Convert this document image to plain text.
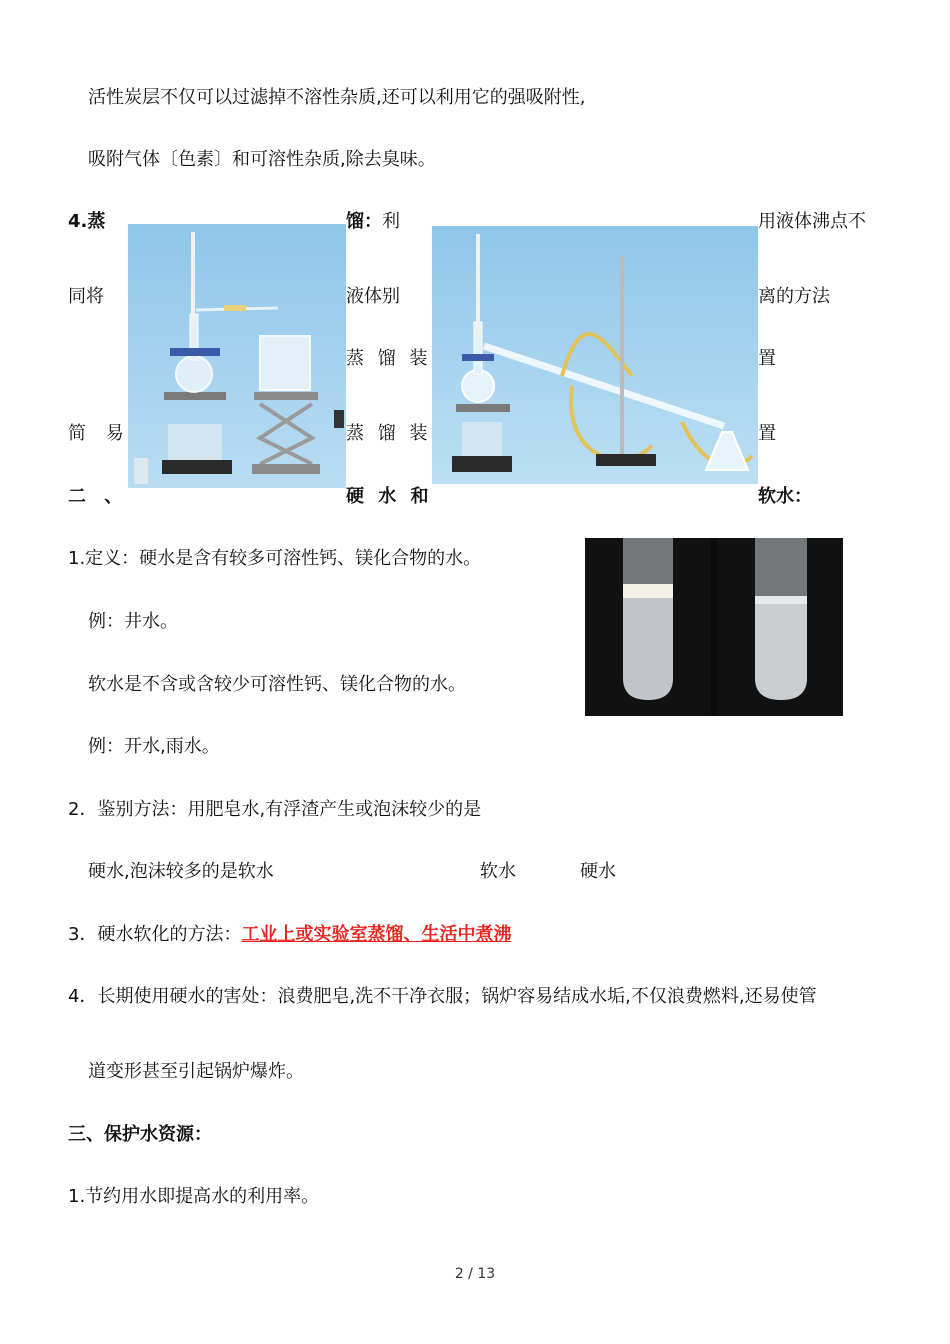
活性炭层不仅可以过滤掉不溶性杂质,还可以利用它的强吸附性,
吸附气体〔色素〕和可溶性杂质,除去臭味。
4.蒸	馏：利	用液体沸点不
同将	液体别	离的方法
蒸 馏 装	置
简 易	蒸 馏 装	置
二 、	硬 水 和	软水：
1.定义：硬水是含有较多可溶性钙、镁化合物的水。
例：井水。
软水是不含或含较少可溶性钙、镁化合物的水。
例：开水,雨水。
2．鉴别方法：用肥皂水,有浮渣产生或泡沫较少的是
硬水,泡沫较多的是软水	软水	硬水
3．硬水软化的方法：工业上或实验室蒸馏、生活中煮沸
4．长期使用硬水的害处：浪费肥皂,洗不干净衣服；锅炉容易结成水垢,不仅浪费燃料,还易使管
道变形甚至引起锅炉爆炸。
三、保护水资源：
1.节约用水即提高水的利用率。
2 / 13
